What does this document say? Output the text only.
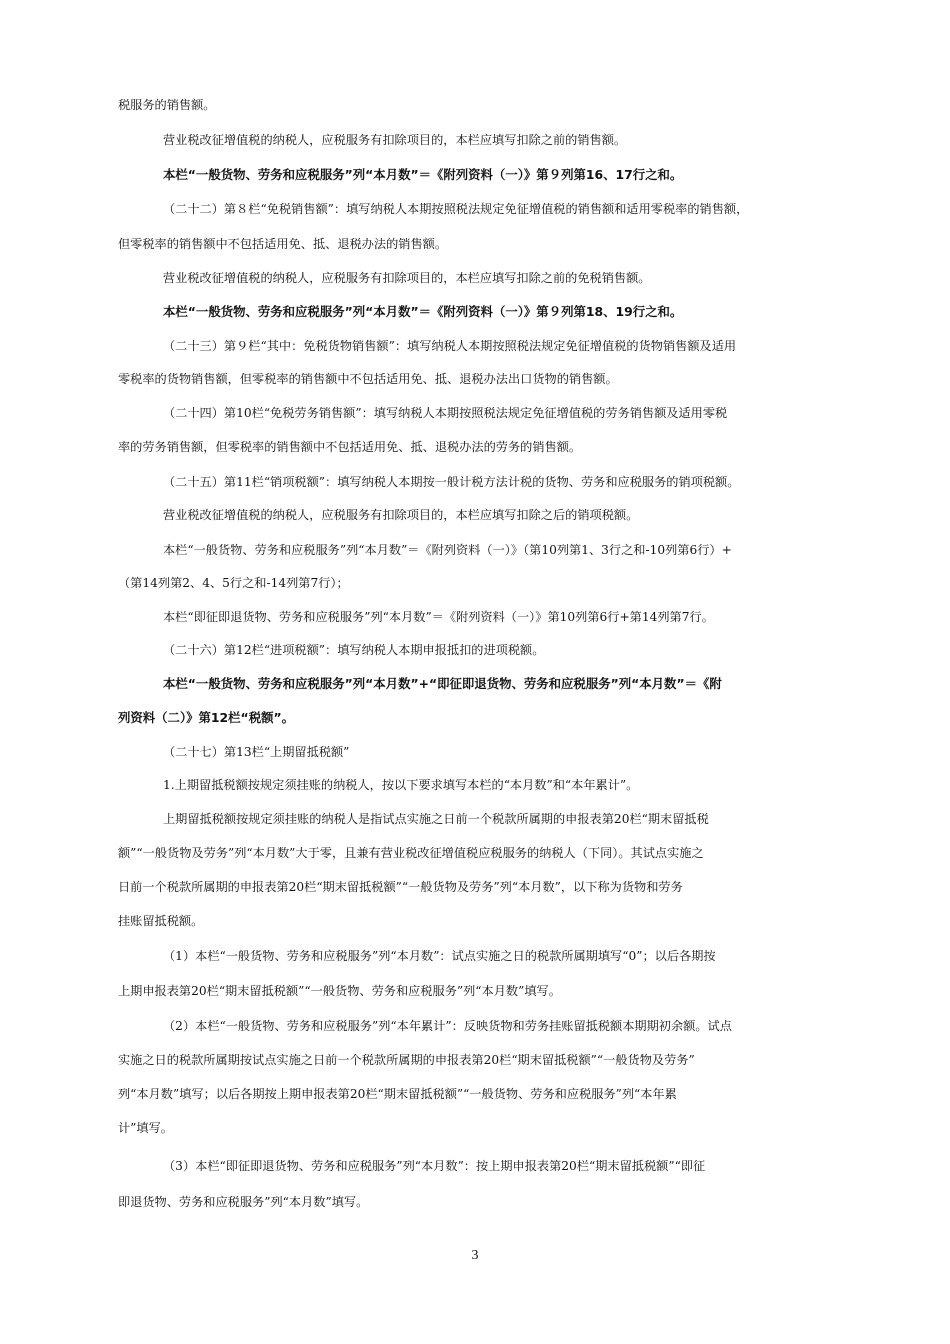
税服务的销售额。
营业税改征增值税的纳税人，应税服务有扣除项目的，本栏应填写扣除之前的销售额。
本栏“一般货物、劳务和应税服务”列“本月数”＝《附列资料（一）》第９列第16、17行之和。
（二十二）第８栏“免税销售额”：填写纳税人本期按照税法规定免征增值税的销售额和适用零税率的销售额，
但零税率的销售额中不包括适用免、抵、退税办法的销售额。
营业税改征增值税的纳税人，应税服务有扣除项目的，本栏应填写扣除之前的免税销售额。
本栏“一般货物、劳务和应税服务”列“本月数”＝《附列资料（一）》第９列第18、19行之和。
（二十三）第９栏“其中：免税货物销售额”：填写纳税人本期按照税法规定免征增值税的货物销售额及适用
零税率的货物销售额，但零税率的销售额中不包括适用免、抵、退税办法出口货物的销售额。
（二十四）第10栏“免税劳务销售额”：填写纳税人本期按照税法规定免征增值税的劳务销售额及适用零税
率的劳务销售额，但零税率的销售额中不包括适用免、抵、退税办法的劳务的销售额。
（二十五）第11栏“销项税额”：填写纳税人本期按一般计税方法计税的货物、劳务和应税服务的销项税额。
营业税改征增值税的纳税人，应税服务有扣除项目的，本栏应填写扣除之后的销项税额。
本栏“一般货物、劳务和应税服务”列“本月数”＝《附列资料（一）》（第10列第1、3行之和-10列第6行）+
（第14列第2、4、5行之和-14列第7行）；
本栏“即征即退货物、劳务和应税服务”列“本月数”＝《附列资料（一）》第10列第6行+第14列第7行。
（二十六）第12栏“进项税额”：填写纳税人本期申报抵扣的进项税额。
本栏“一般货物、劳务和应税服务”列“本月数”+“即征即退货物、劳务和应税服务”列“本月数”＝《附
列资料（二）》第12栏“税额”。
（二十七）第13栏“上期留抵税额”
1.上期留抵税额按规定须挂账的纳税人，按以下要求填写本栏的“本月数”和“本年累计”。
上期留抵税额按规定须挂账的纳税人是指试点实施之日前一个税款所属期的申报表第20栏“期末留抵税
额”“一般货物及劳务”列“本月数”大于零，且兼有营业税改征增值税应税服务的纳税人（下同）。其试点实施之
日前一个税款所属期的申报表第20栏“期末留抵税额”“一般货物及劳务”列“本月数”，以下称为货物和劳务
挂账留抵税额。
（1）本栏“一般货物、劳务和应税服务”列“本月数”：试点实施之日的税款所属期填写“0”；以后各期按
上期申报表第20栏“期末留抵税额”“一般货物、劳务和应税服务”列“本月数”填写。
（2）本栏“一般货物、劳务和应税服务”列“本年累计”：反映货物和劳务挂账留抵税额本期期初余额。试点
实施之日的税款所属期按试点实施之日前一个税款所属期的申报表第20栏“期末留抵税额”“一般货物及劳务”
列“本月数”填写；以后各期按上期申报表第20栏“期末留抵税额”“一般货物、劳务和应税服务”列“本年累
计”填写。
（3）本栏“即征即退货物、劳务和应税服务”列“本月数”：按上期申报表第20栏“期末留抵税额”“即征
即退货物、劳务和应税服务”列“本月数”填写。
3
